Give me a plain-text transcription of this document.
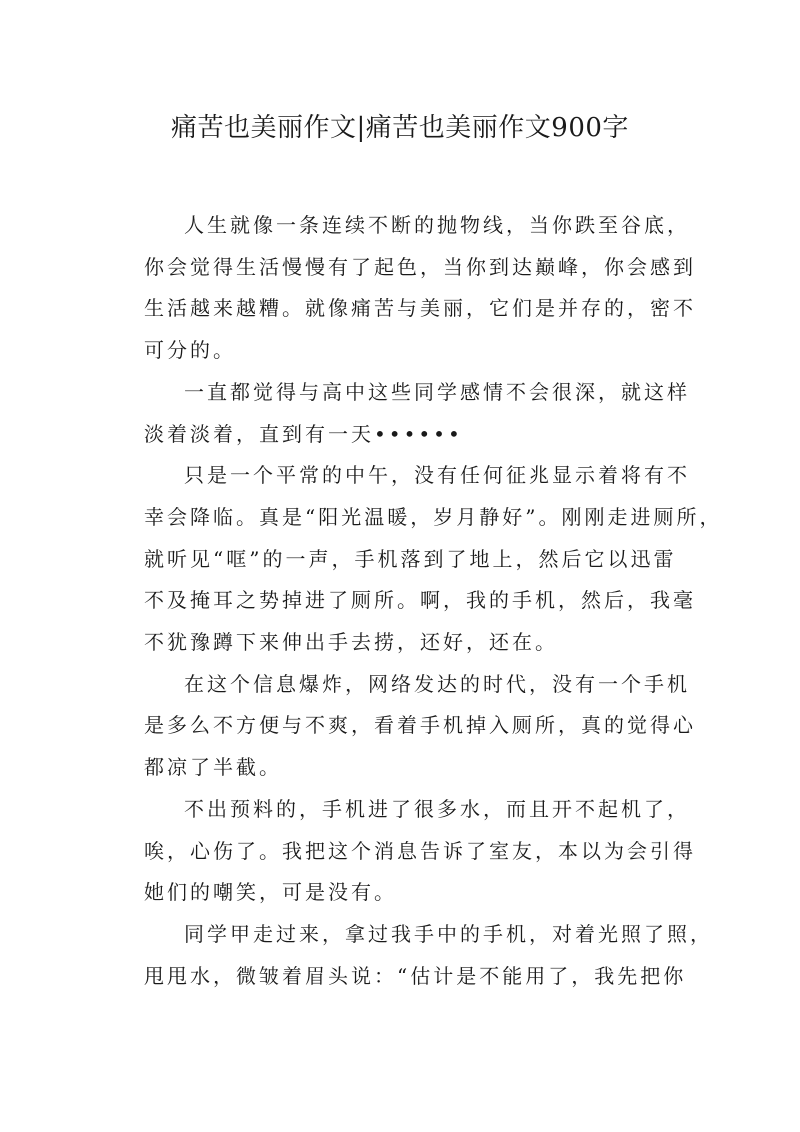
痛苦也美丽作文|痛苦也美丽作文900字

人生就像一条连续不断的抛物线，当你跌至谷底，
你会觉得生活慢慢有了起色，当你到达巅峰，你会感到
生活越来越糟。就像痛苦与美丽，它们是并存的，密不
可分的。

一直都觉得与高中这些同学感情不会很深，就这样
淡着淡着，直到有一天••••••

只是一个平常的中午，没有任何征兆显示着将有不
幸会降临。真是“阳光温暖，岁月静好”。刚刚走进厕所，
就听见“哐”的一声，手机落到了地上，然后它以迅雷
不及掩耳之势掉进了厕所。啊，我的手机，然后，我毫
不犹豫蹲下来伸出手去捞，还好，还在。

在这个信息爆炸，网络发达的时代，没有一个手机
是多么不方便与不爽，看着手机掉入厕所，真的觉得心
都凉了半截。

不出预料的，手机进了很多水，而且开不起机了，
唉，心伤了。我把这个消息告诉了室友，本以为会引得
她们的嘲笑，可是没有。

同学甲走过来，拿过我手中的手机，对着光照了照，
甩甩水，微皱着眉头说：“估计是不能用了，我先把你
